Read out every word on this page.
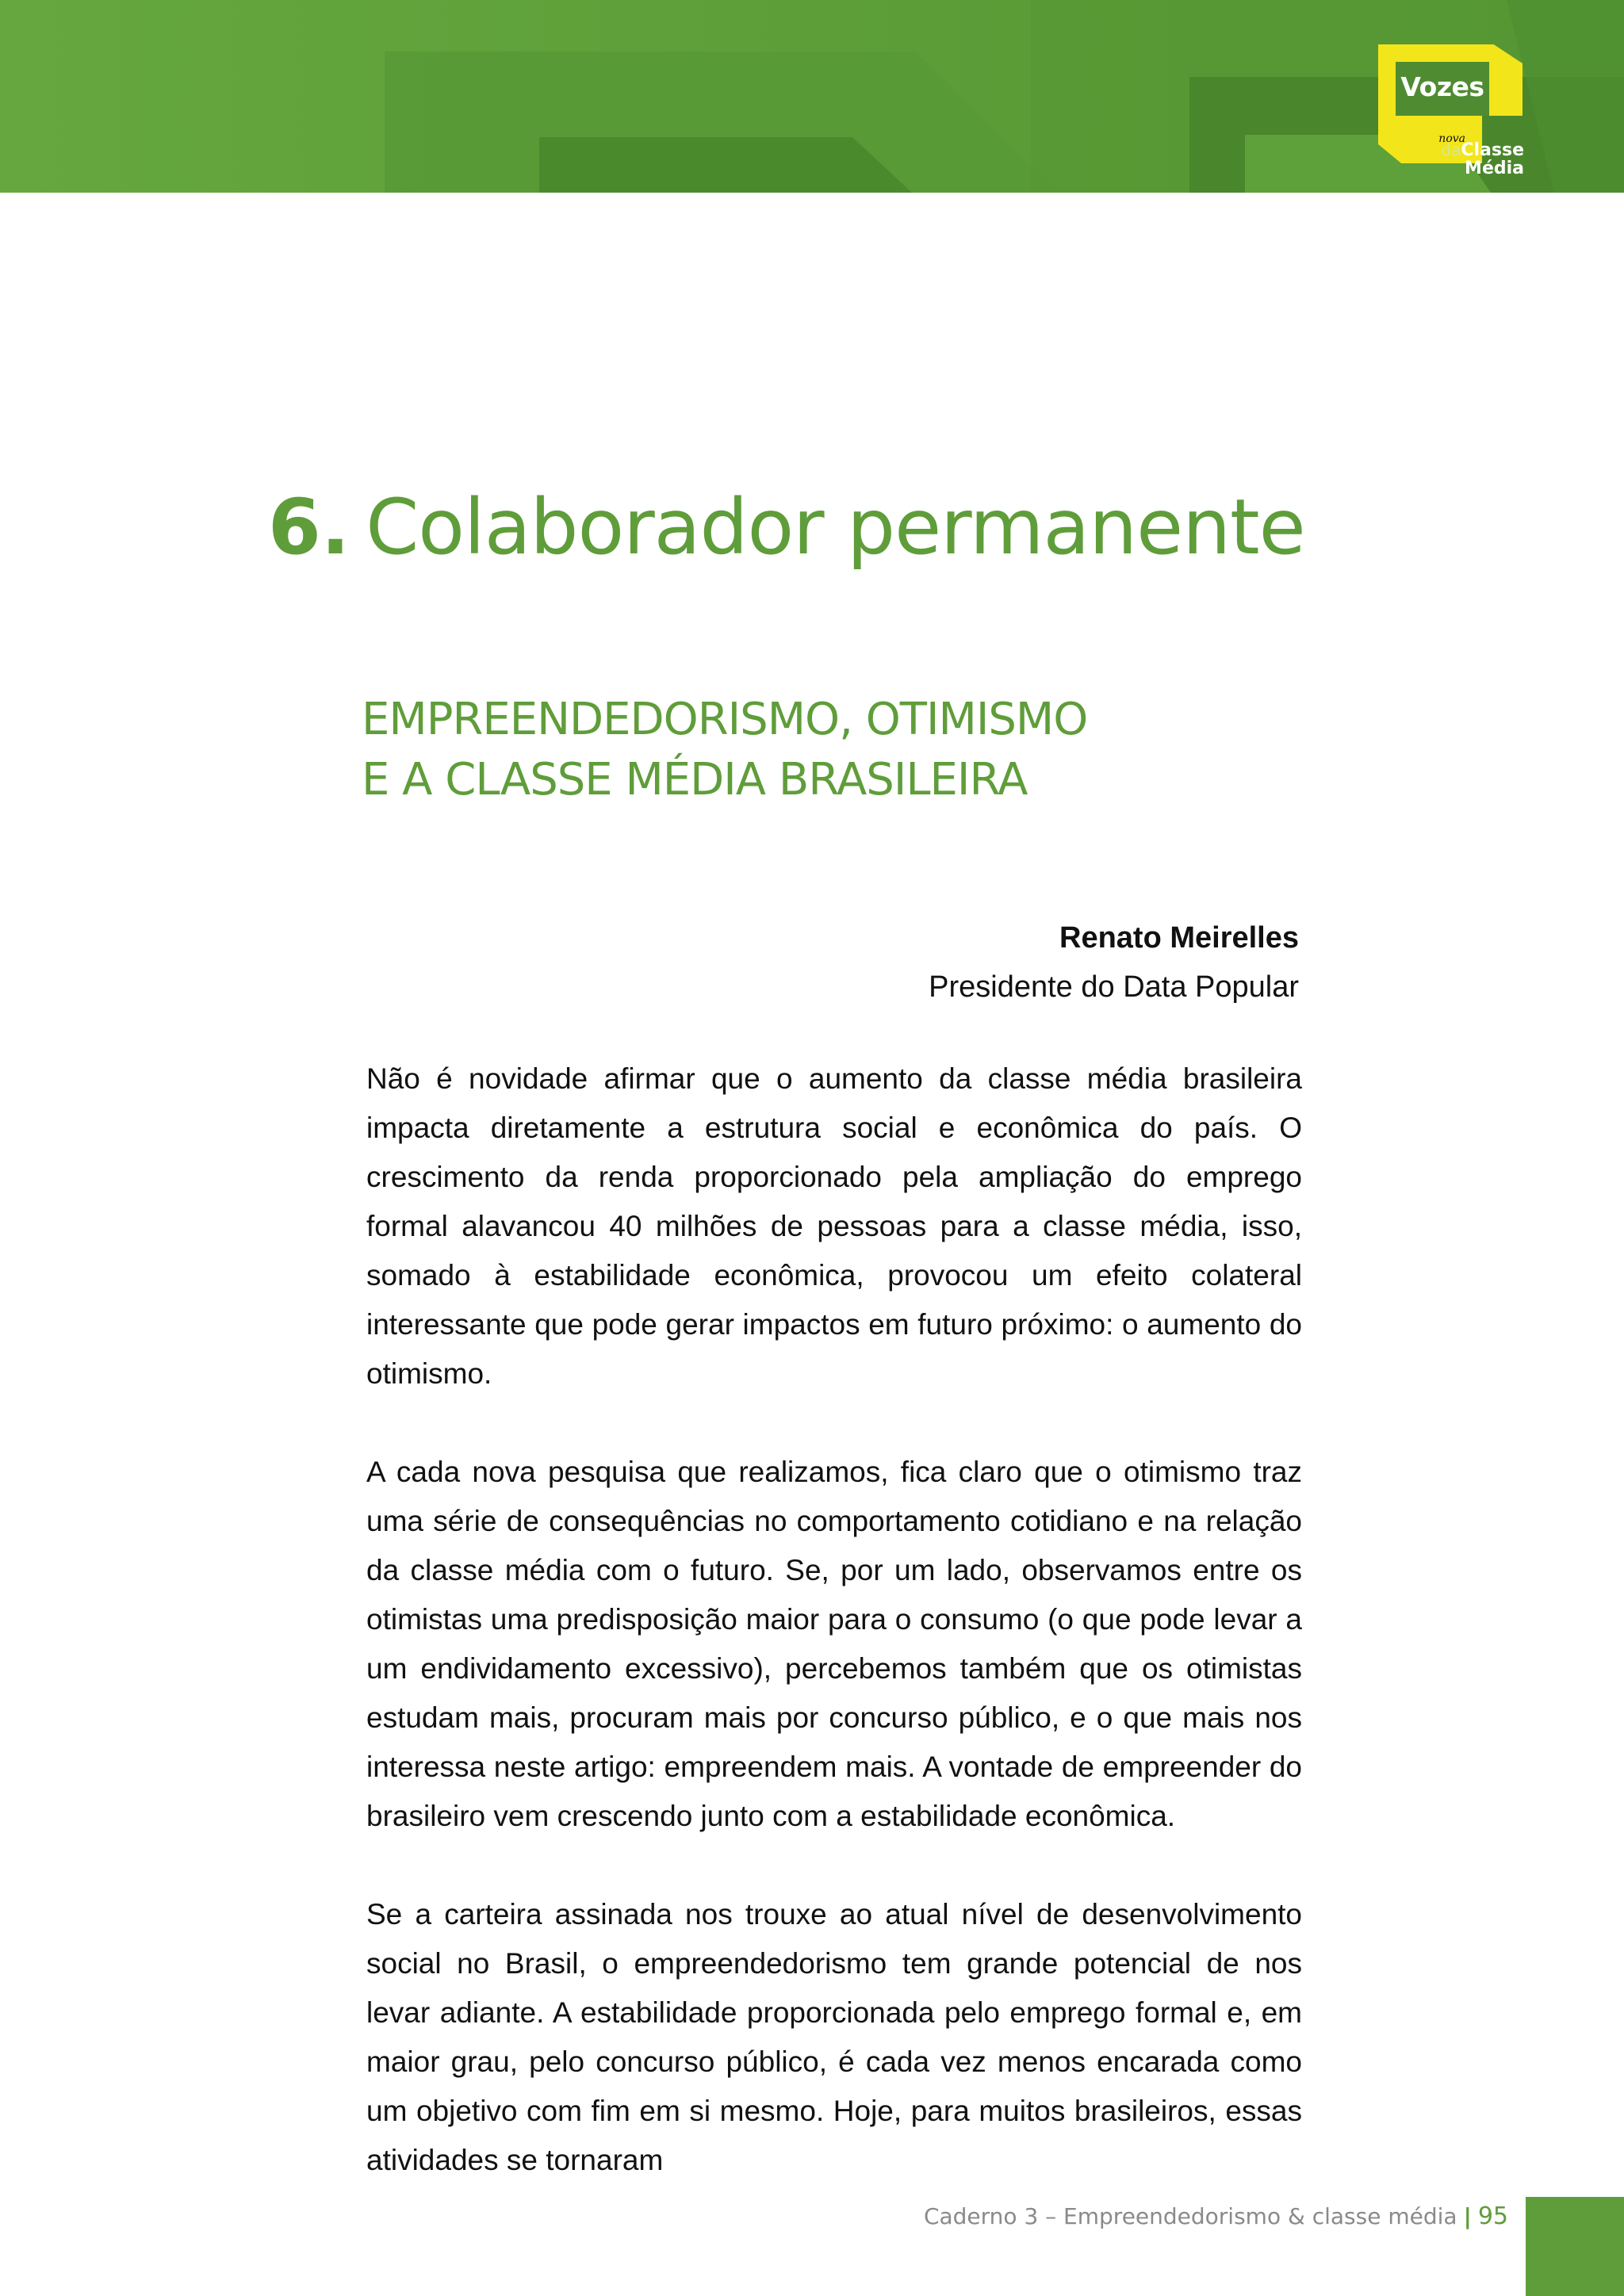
Vozes
nova
daClasse
Média
6. Colaborador permanente
EMPREENDEDORISMO, OTIMISMO
E A CLASSE MÉDIA BRASILEIRA
Renato Meirelles
Presidente do Data Popular

Não é novidade afirmar que o aumento da classe média brasileira impacta diretamente a estrutura social e econômica do país. O crescimento da renda proporcionado pela ampliação do emprego formal alavancou 40 milhões de pessoas para a classe média, isso, somado à estabilidade econômica, provocou um efeito colateral interessante que pode gerar impactos em futuro próximo: o aumento do otimismo.

A cada nova pesquisa que realizamos, fica claro que o otimismo traz uma série de consequências no comportamento cotidiano e na relação da classe média com o futuro. Se, por um lado, observamos entre os otimistas uma predisposição maior para o consumo (o que pode levar a um endividamento excessivo), percebemos também que os otimistas estudam mais, procuram mais por concurso público, e o que mais nos interessa neste artigo: empreendem mais. A vontade de empreender do brasileiro vem crescendo junto com a estabilidade econômica.

Se a carteira assinada nos trouxe ao atual nível de desenvolvimento social no Brasil, o empreendedorismo tem grande potencial de nos levar adiante. A estabilidade proporcionada pelo emprego formal e, em maior grau, pelo concurso público, é cada vez menos encarada como um objetivo com fim em si mesmo. Hoje, para muitos brasileiros, essas atividades se tornaram

Caderno 3 – Empreendedorismo & classe média | 95
